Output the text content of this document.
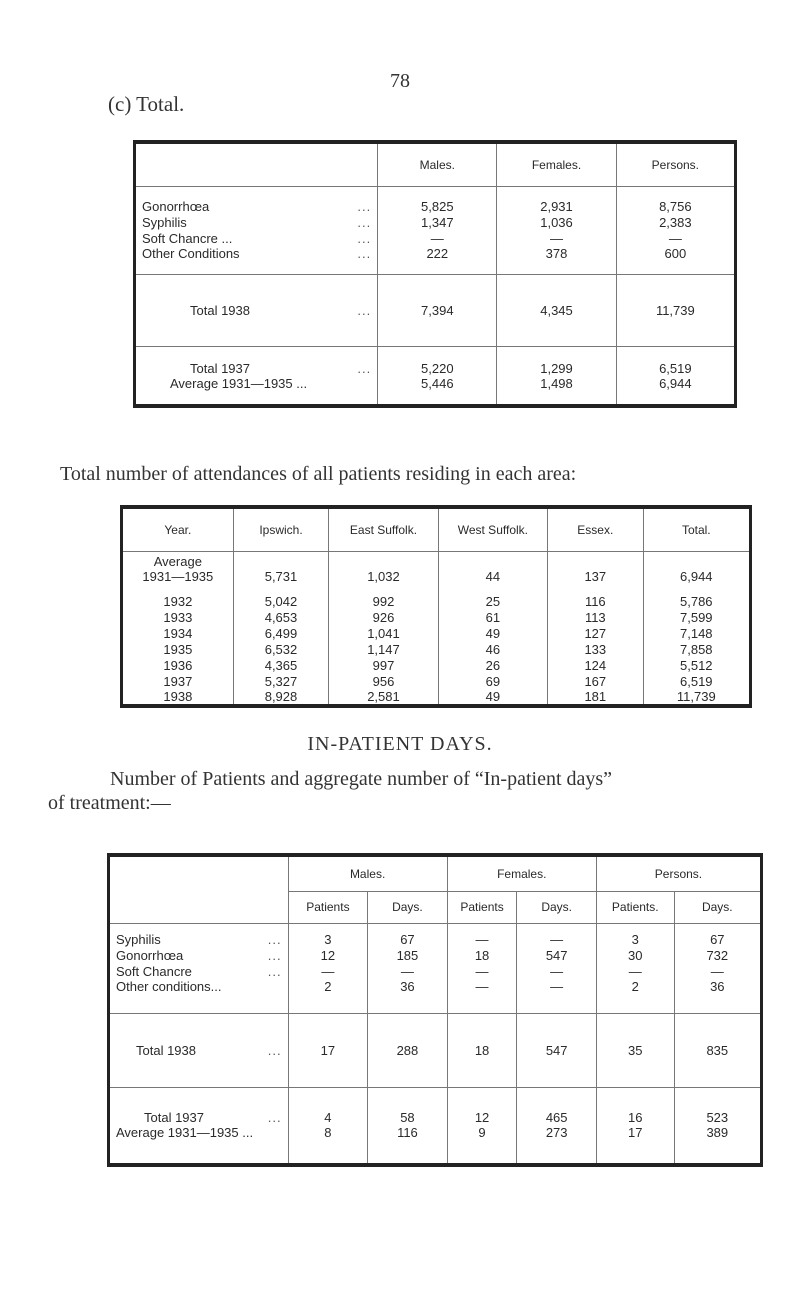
78
(c) Total.
	Males.	Females.	Persons.

Gonorrhœa ...	5,825	2,931	8,756

Syphilis ...	1,347	1,036	2,383

Soft Chancre ... ...	—	—	—

Other Conditions ...	222	378	600

Total 1938 ...	7,394	4,345	11,739

Total 1937 ...	5,220	1,299	6,519

Average 1931—1935 ...	5,446	1,498	6,944
Total number of attendances of all patients residing in each area:
Year.	Ipswich.	East Suffolk.	West Suffolk.	Essex.	Total.
Average					
1931—1935	5,731	1,032	44	137	6,944
1932	5,042	992	25	116	5,786
1933	4,653	926	61	113	7,599
1934	6,499	1,041	49	127	7,148
1935	6,532	1,147	46	133	7,858
1936	4,365	997	26	124	5,512
1937	5,327	956	69	167	6,519
1938	8,928	2,581	49	181	11,739
IN-PATIENT DAYS.
Number of Patients and aggregate number of “In-patient days”
of treatment:—
	Males.		Females.		Persons.	
	Patients	Days.	Patients	Days.	Patients.	Days.

Syphilis ...	3	67	—	—	3	67

Gonorrhœa ...	12	185	18	547	30	732

Soft Chancre ...	—	—	—	—	—	—

Other conditions...	2	36	—	—	2	36

Total 1938 ...	17	288	18	547	35	835

Total 1937 ...	4	58	12	465	16	523

Average 1931—1935 ...	8	116	9	273	17	389
